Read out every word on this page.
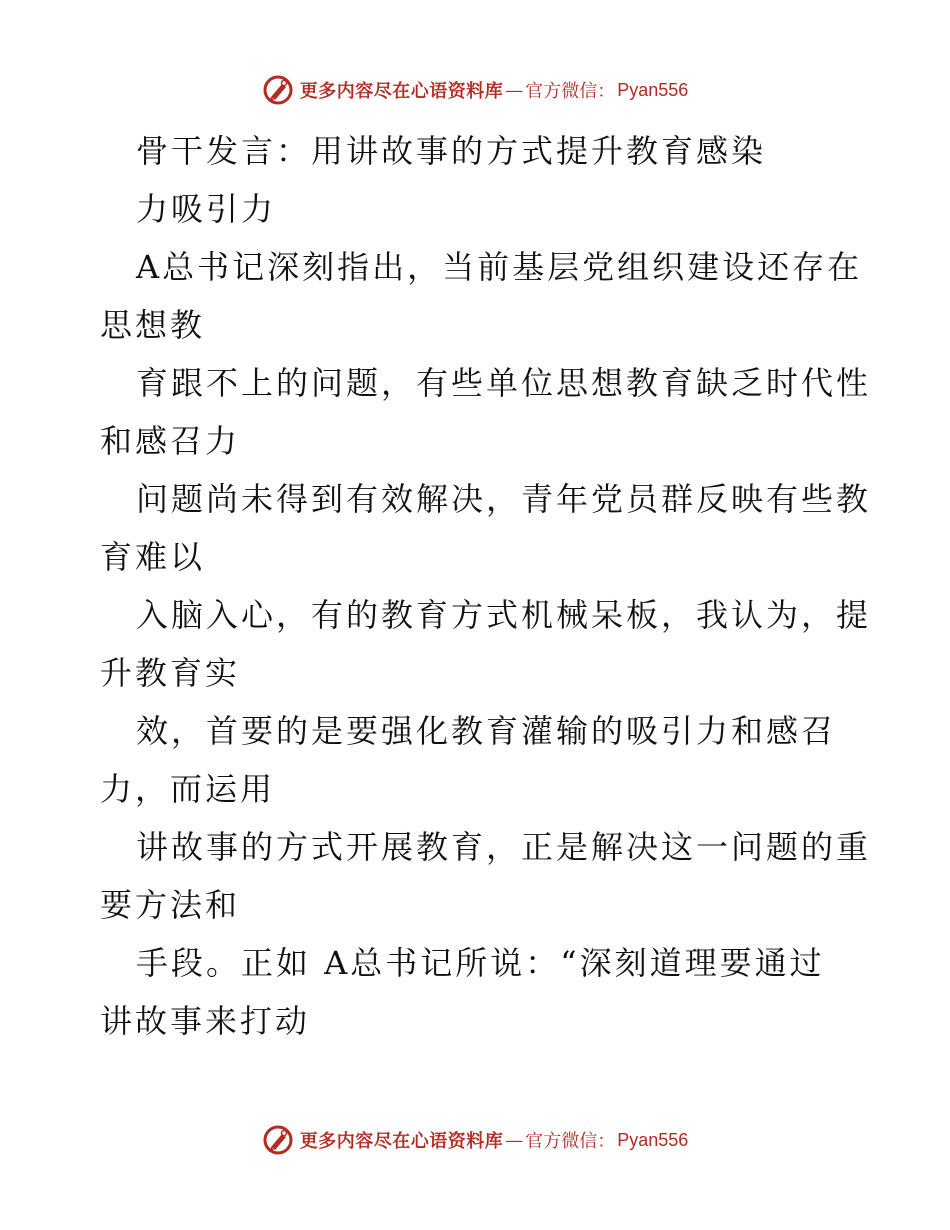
更多内容尽在心语资料库 — 官方微信： Pyan556
骨干发言：用讲故事的方式提升教育感染
力吸引力
A总书记深刻指出，当前基层党组织建设还存在
思想教
育跟不上的问题，有些单位思想教育缺乏时代性
和感召力
问题尚未得到有效解决，青年党员群反映有些教
育难以
入脑入心，有的教育方式机械呆板，我认为，提
升教育实
效，首要的是要强化教育灌输的吸引力和感召
力，而运用
讲故事的方式开展教育，正是解决这一问题的重
要方法和
手段。正如 A总书记所说：“深刻道理要通过
讲故事来打动
更多内容尽在心语资料库 — 官方微信： Pyan556
